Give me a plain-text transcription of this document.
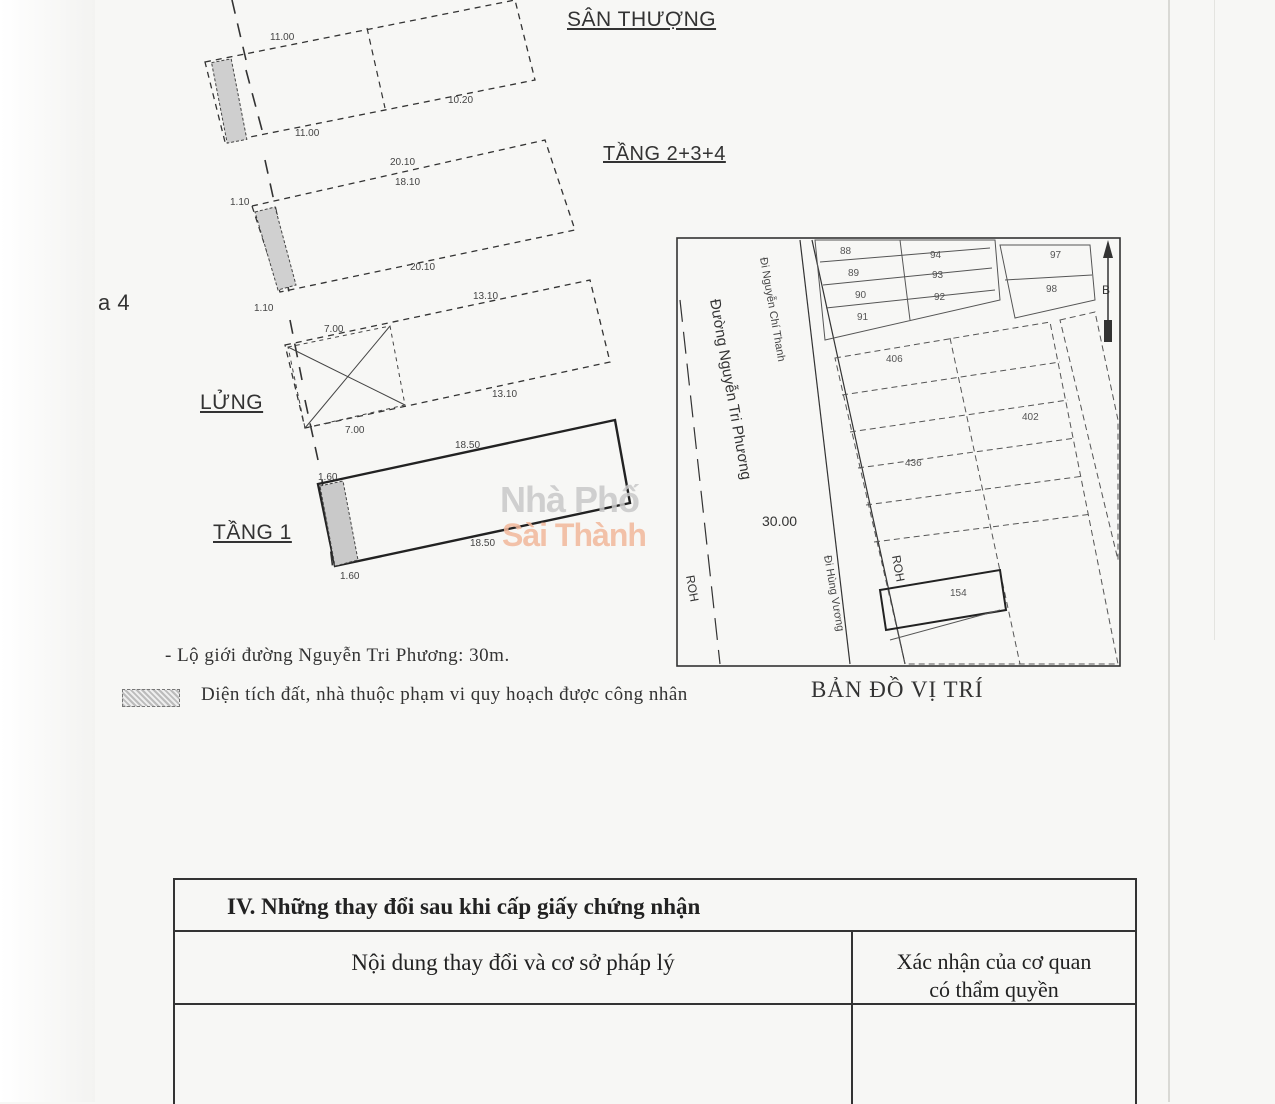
11.00
10.20
11.00
20.10
18.10
20.10
1.10
1.10
7.00
13.10
13.10
7.00
18.50
18.50
1.60
1.60
B
88
89
90
91
94
93
92
97
98
406
402
436
154
Đường Nguyễn Tri Phương Đi Nguyễn Chí Thanh
Đi Hùng Vương
30.00
ROH
ROH
SÂN THƯỢNG
TẦNG 2+3+4
LỬNG
TẦNG 1
a 4
Nhà Phố
Sài Thành
- Lộ giới đường Nguyễn Tri Phương: 30m.
Diện tích đất, nhà thuộc phạm vi quy hoạch được công nhân	BẢN ĐỒ VỊ TRÍ
IV. Những thay đổi sau khi cấp giấy chứng nhận
Nội dung thay đổi và cơ sở pháp lý	Xác nhận của cơ quan
có thẩm quyền
